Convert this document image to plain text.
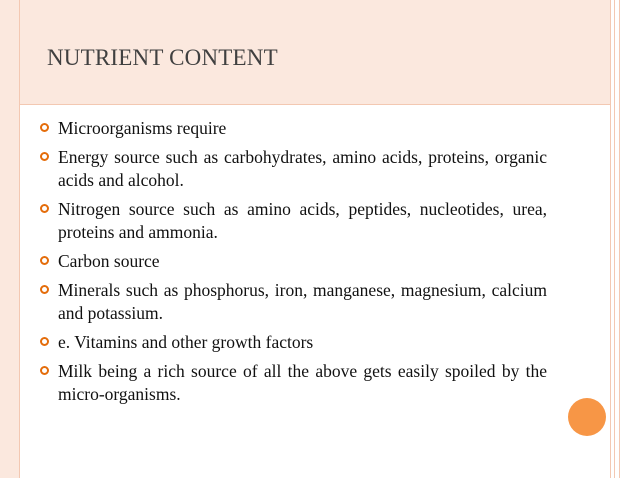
NUTRIENT CONTENT
Microorganisms require
Energy source such as carbohydrates, amino acids, proteins, organic acids and alcohol.
Nitrogen source such as amino acids, peptides, nucleotides, urea, proteins and ammonia.
Carbon source
Minerals such as phosphorus, iron, manganese, magnesium, calcium and potassium.
e. Vitamins and other growth factors
Milk being a rich source of all the above gets easily spoiled by the micro-organisms.
